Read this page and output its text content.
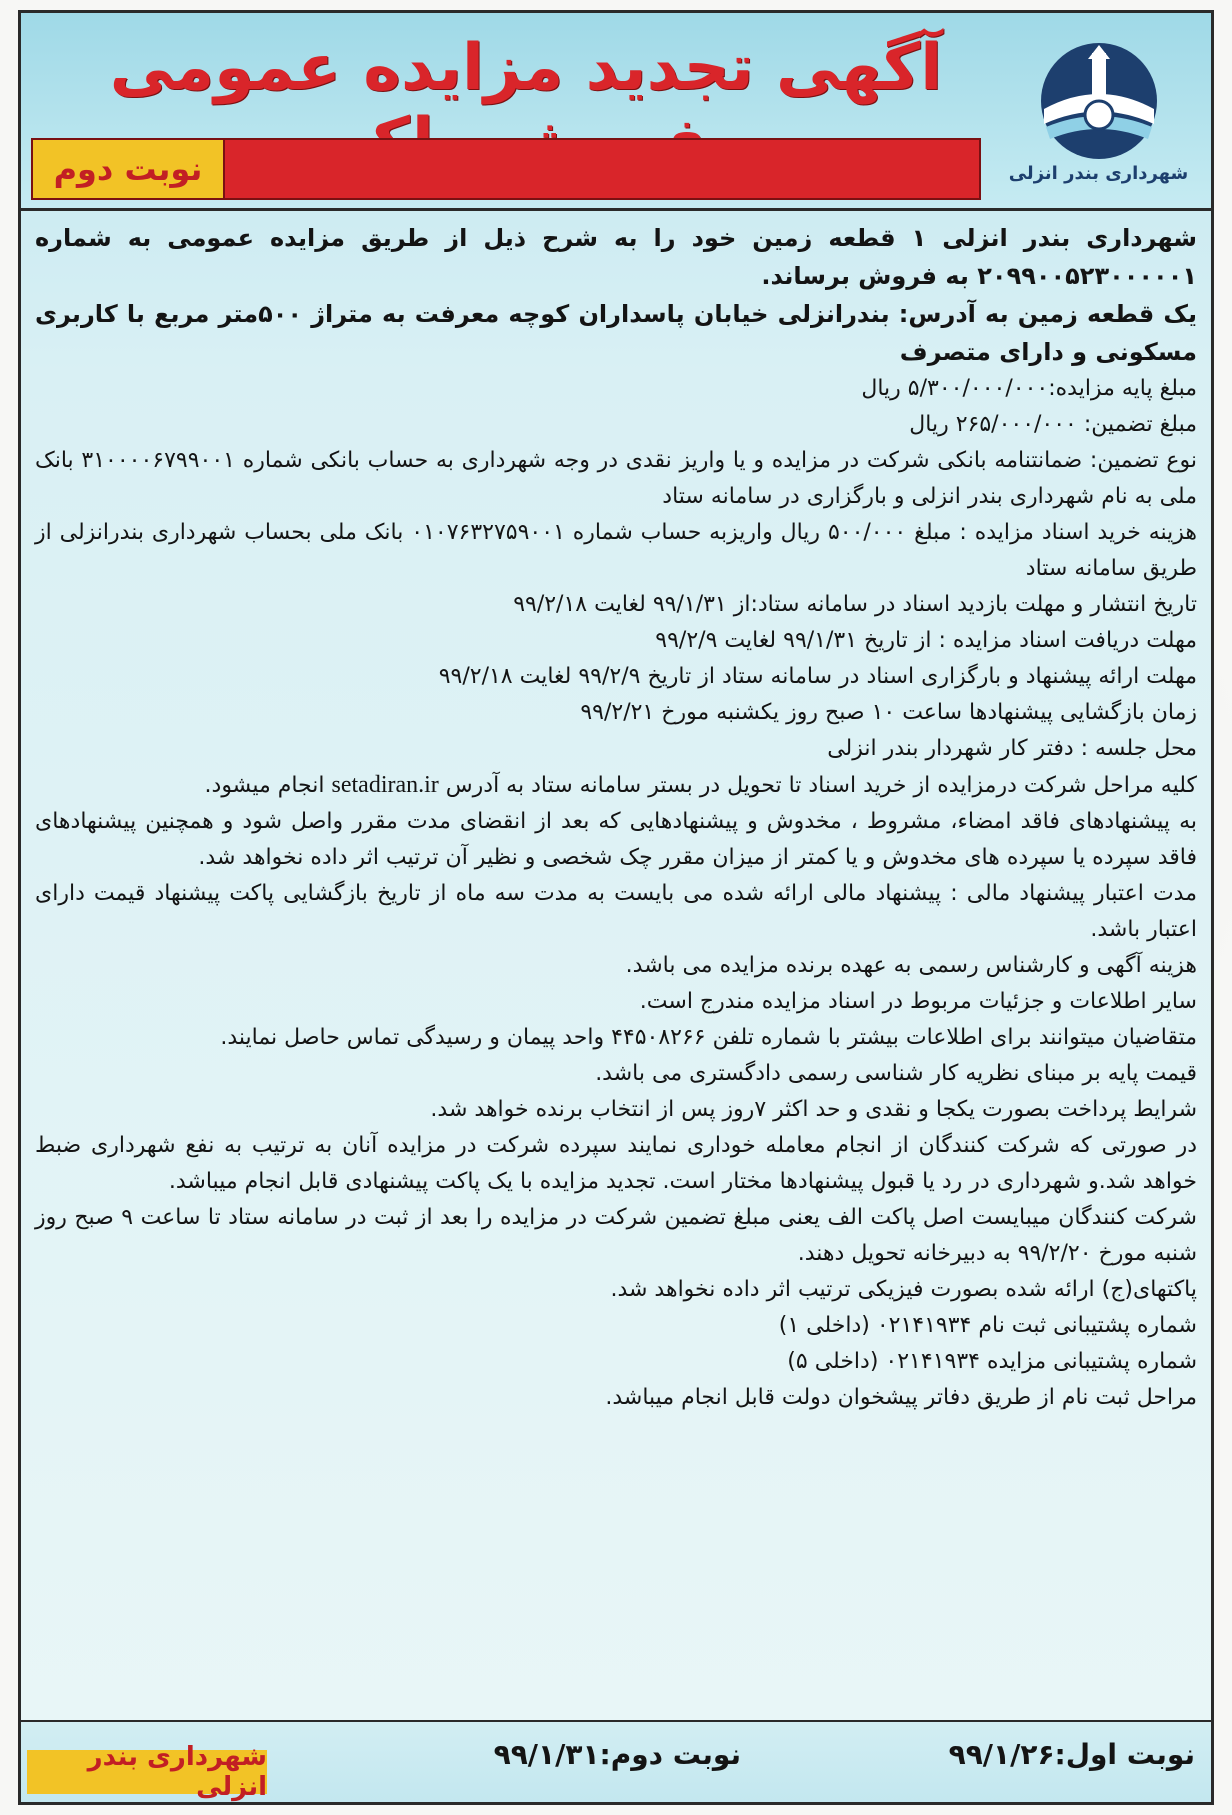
آگهی تجدید مزایده عمومی
نوبت دوم	شهرداری بندر انزلی

شهرداری بندر انزلی ۱ قطعه زمین خود را به شرح ذیل از طریق مزایده عمومی به شماره ۲۰۹۹۰۰۵۲۳۰۰۰۰۰۱ به فروش برساند.

یک قطعه زمین به آدرس: بندرانزلی خیابان پاسداران کوچه معرفت به متراژ ۵۰۰متر مربع با کاربری مسکونی و دارای متصرف

مبلغ پایه مزایده:۵/۳۰۰/۰۰۰/۰۰۰ ریال

مبلغ تضمین: ۲۶۵/۰۰۰/۰۰۰ ریال

نوع تضمین: ضمانتنامه بانکی شرکت در مزایده و یا واریز نقدی در وجه شهرداری به حساب بانکی شماره ۳۱۰۰۰۰۶۷۹۹۰۰۱ بانک ملی به نام شهرداری بندر انزلی و بارگزاری در سامانه ستاد

هزینه خرید اسناد مزایده : مبلغ ۵۰۰/۰۰۰ ریال واریزبه حساب شماره ۰۱۰۷۶۳۲۷۵۹۰۰۱ بانک ملی بحساب شهرداری بندرانزلی از طریق سامانه ستاد

تاریخ انتشار و مهلت بازدید اسناد در سامانه ستاد:از ۹۹/۱/۳۱ لغایت ۹۹/۲/۱۸

مهلت دریافت اسناد مزایده : از تاریخ ۹۹/۱/۳۱ لغایت ۹۹/۲/۹

مهلت ارائه پیشنهاد و بارگزاری اسناد در سامانه ستاد از تاریخ ۹۹/۲/۹ لغایت ۹۹/۲/۱۸

زمان بازگشایی پیشنهادها ساعت ۱۰ صبح روز یکشنبه مورخ ۹۹/۲/۲۱

محل جلسه : دفتر کار شهردار بندر انزلی

کلیه مراحل شرکت درمزایده از خرید اسناد تا تحویل در بستر سامانه ستاد به آدرس setadiran.ir انجام میشود.

به پیشنهادهای فاقد امضاء، مشروط ، مخدوش و پیشنهادهایی که بعد از انقضای مدت مقرر واصل شود و همچنین پیشنهادهای فاقد سپرده یا سپرده های مخدوش و یا کمتر از میزان مقرر چک شخصی و نظیر آن ترتیب اثر داده نخواهد شد.

مدت اعتبار پیشنهاد مالی : پیشنهاد مالی ارائه شده می بایست به مدت سه ماه از تاریخ بازگشایی پاکت پیشنهاد قیمت دارای اعتبار باشد.

هزینه آگهی و کارشناس رسمی به عهده برنده مزایده می باشد.

سایر اطلاعات و جزئیات مربوط در اسناد مزایده مندرج است.

متقاضیان میتوانند برای اطلاعات بیشتر با شماره تلفن ۴۴۵۰۸۲۶۶ واحد پیمان و رسیدگی تماس حاصل نمایند.

قیمت پایه بر مبنای نظریه کار شناسی رسمی دادگستری می باشد.

شرایط پرداخت بصورت یکجا و نقدی و حد اکثر ۷روز پس از انتخاب برنده خواهد شد.

در صورتی که شرکت کنندگان از انجام معامله خوداری نمایند سپرده شرکت در مزایده آنان به ترتیب به نفع شهرداری ضبط خواهد شد.و شهرداری در رد یا قبول پیشنهادها مختار است. تجدید مزایده با یک پاکت پیشنهادی قابل انجام میباشد.

شرکت کنندگان میبایست اصل پاکت الف یعنی مبلغ تضمین شرکت در مزایده را بعد از ثبت در سامانه ستاد تا ساعت ۹ صبح روز شنبه مورخ ۹۹/۲/۲۰ به دبیرخانه تحویل دهند.

پاکتهای(ج) ارائه شده بصورت فیزیکی ترتیب اثر داده نخواهد شد.

شماره پشتیبانی ثبت نام ۰۲۱۴۱۹۳۴ (داخلی ۱)

شماره پشتیبانی مزایده ۰۲۱۴۱۹۳۴ (داخلی ۵)

مراحل ثبت نام از طریق دفاتر پیشخوان دولت قابل انجام میباشد.

نوبت اول:۹۹/۱/۲۶
نوبت دوم:۹۹/۱/۳۱
شهرداری بندر انزلی
